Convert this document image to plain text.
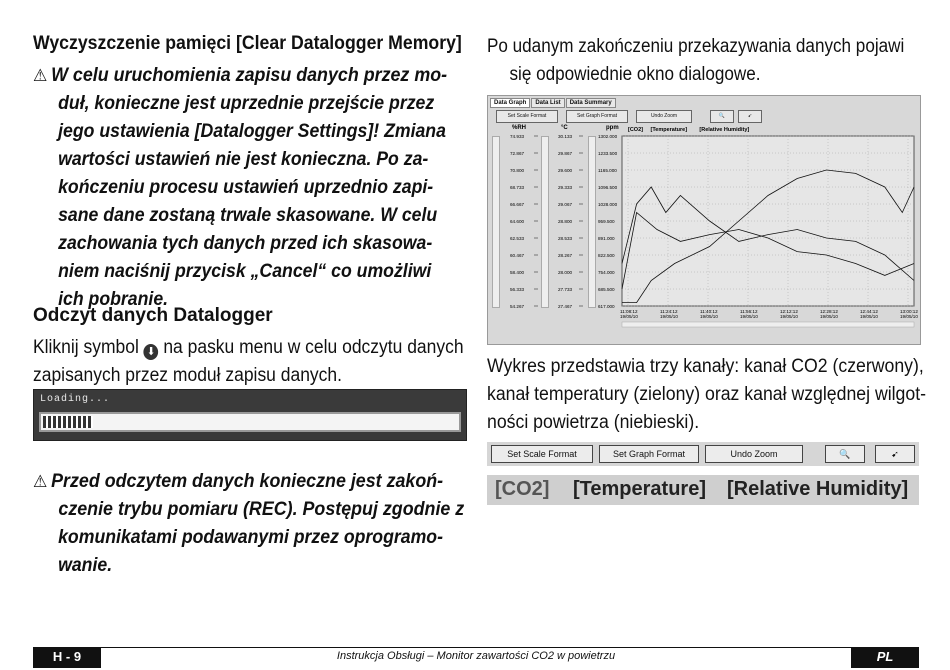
Wyczyszczenie pamięci [Clear Datalogger Memory]
⚠ W celu uruchomienia zapisu danych przez mo-
duł, konieczne jest uprzednie przejście przez
jego ustawienia [Datalogger Settings]! Zmiana
wartości ustawień nie jest konieczna. Po za-
kończeniu procesu ustawień uprzednio zapi-
sane dane zostaną trwale skasowane. W celu
zachowania tych danych przed ich skasowa-
niem naciśnij przycisk „Cancel“ co umożliwi
ich pobranie.
Odczyt danych Datalogger
Kliknij symbol ⬇ na pasku menu w celu odczytu danych
zapisanych przez moduł zapisu danych.
Loading...
⚠ Przed odczytem danych konieczne jest zakoń-
czenie trybu pomiaru (REC). Postępuj zgodnie z
komunikatami podawanymi przez oprogramo-
wanie.
Po udanym zakończeniu przekazywania danych pojawi
się odpowiednie okno dialogowe.
Data Graph	Data List	Data Summary
Set Scale Format	Set Graph Format	Undo Zoom	🔍	➹
%RH	°C	ppm [CO2] [Temperature] [Relative Humidity]
74.933	30.133	1302.000
72.867	29.867	1233.500
70.800	29.600	1165.000
68.733	29.333	1096.500
66.667	29.067	1028.000
64.600	28.800	959.500
62.533	28.533	891.000
60.467	28.267	822.500
58.400	28.000	754.000
56.333	27.733	685.500
54.267	27.467	617.000
11:08:12
19/05/10
11:24:12
19/05/10
11:40:12
19/05/10
11:56:12
19/05/10
12:12:12
19/05/10
12:28:12
19/05/10
12:44:12
19/05/10
13:00:12
19/05/10
Wykres przedstawia trzy kanały: kanał CO2 (czerwony),
kanał temperatury (zielony) oraz kanał względnej wilgot-
ności powietrza (niebieski).
Set Scale Format	Set Graph Format	Undo Zoom	🔍	➹
[CO2] [Temperature] [Relative Humidity]
H - 9	Instrukcja Obsługi – Monitor zawartości CO2 w powietrzu	PL
